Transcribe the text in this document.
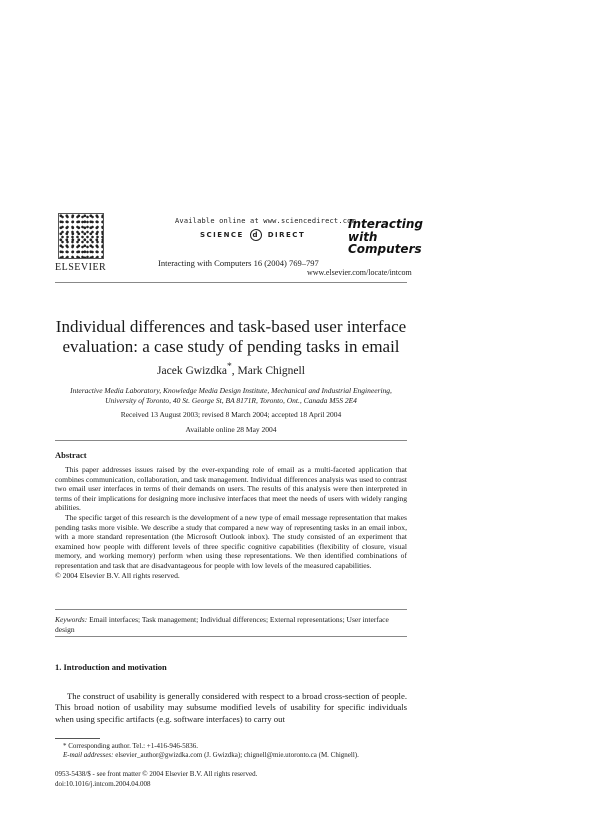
ELSEVIER
Available online at www.sciencedirect.com
SCIENCE d DIRECT
Interacting with Computers 16 (2004) 769–797
Interacting
with
Computers
www.elsevier.com/locate/intcom
Individual differences and task-based user interface
evaluation: a case study of pending tasks in email
Jacek Gwizdka*, Mark Chignell
Interactive Media Laboratory, Knowledge Media Design Institute, Mechanical and Industrial Engineering,
University of Toronto, 40 St. George St, BA 8171R, Toronto, Ont., Canada M5S 2E4
Received 13 August 2003; revised 8 March 2004; accepted 18 April 2004
Available online 28 May 2004
Abstract

This paper addresses issues raised by the ever-expanding role of email as a multi-faceted application that combines communication, collaboration, and task management. Individual differences analysis was used to contrast two email user interfaces in terms of their demands on users. The results of this analysis were then interpreted in terms of their implications for designing more inclusive interfaces that meet the needs of users with widely ranging abilities.

The specific target of this research is the development of a new type of email message representation that makes pending tasks more visible. We describe a study that compared a new way of representing tasks in an email inbox, with a more standard representation (the Microsoft Outlook inbox). The study consisted of an experiment that examined how people with different levels of three specific cognitive capabilities (flexibility of closure, visual memory, and working memory) perform when using these representations. We then identified combinations of representation and task that are disadvantageous for people with low levels of the measured capabilities.

© 2004 Elsevier B.V. All rights reserved.

Keywords: Email interfaces; Task management; Individual differences; External representations; User interface design
1. Introduction and motivation

The construct of usability is generally considered with respect to a broad cross-section of people. This broad notion of usability may subsume modified levels of usability for specific individuals when using specific artifacts (e.g. software interfaces) to carry out

* Corresponding author. Tel.: +1-416-946-5836.
E-mail addresses: elsevier_author@gwizdka.com (J. Gwizdka); chignell@mie.utoronto.ca (M. Chignell).
0953-5438/$ - see front matter © 2004 Elsevier B.V. All rights reserved.
doi:10.1016/j.intcom.2004.04.008
